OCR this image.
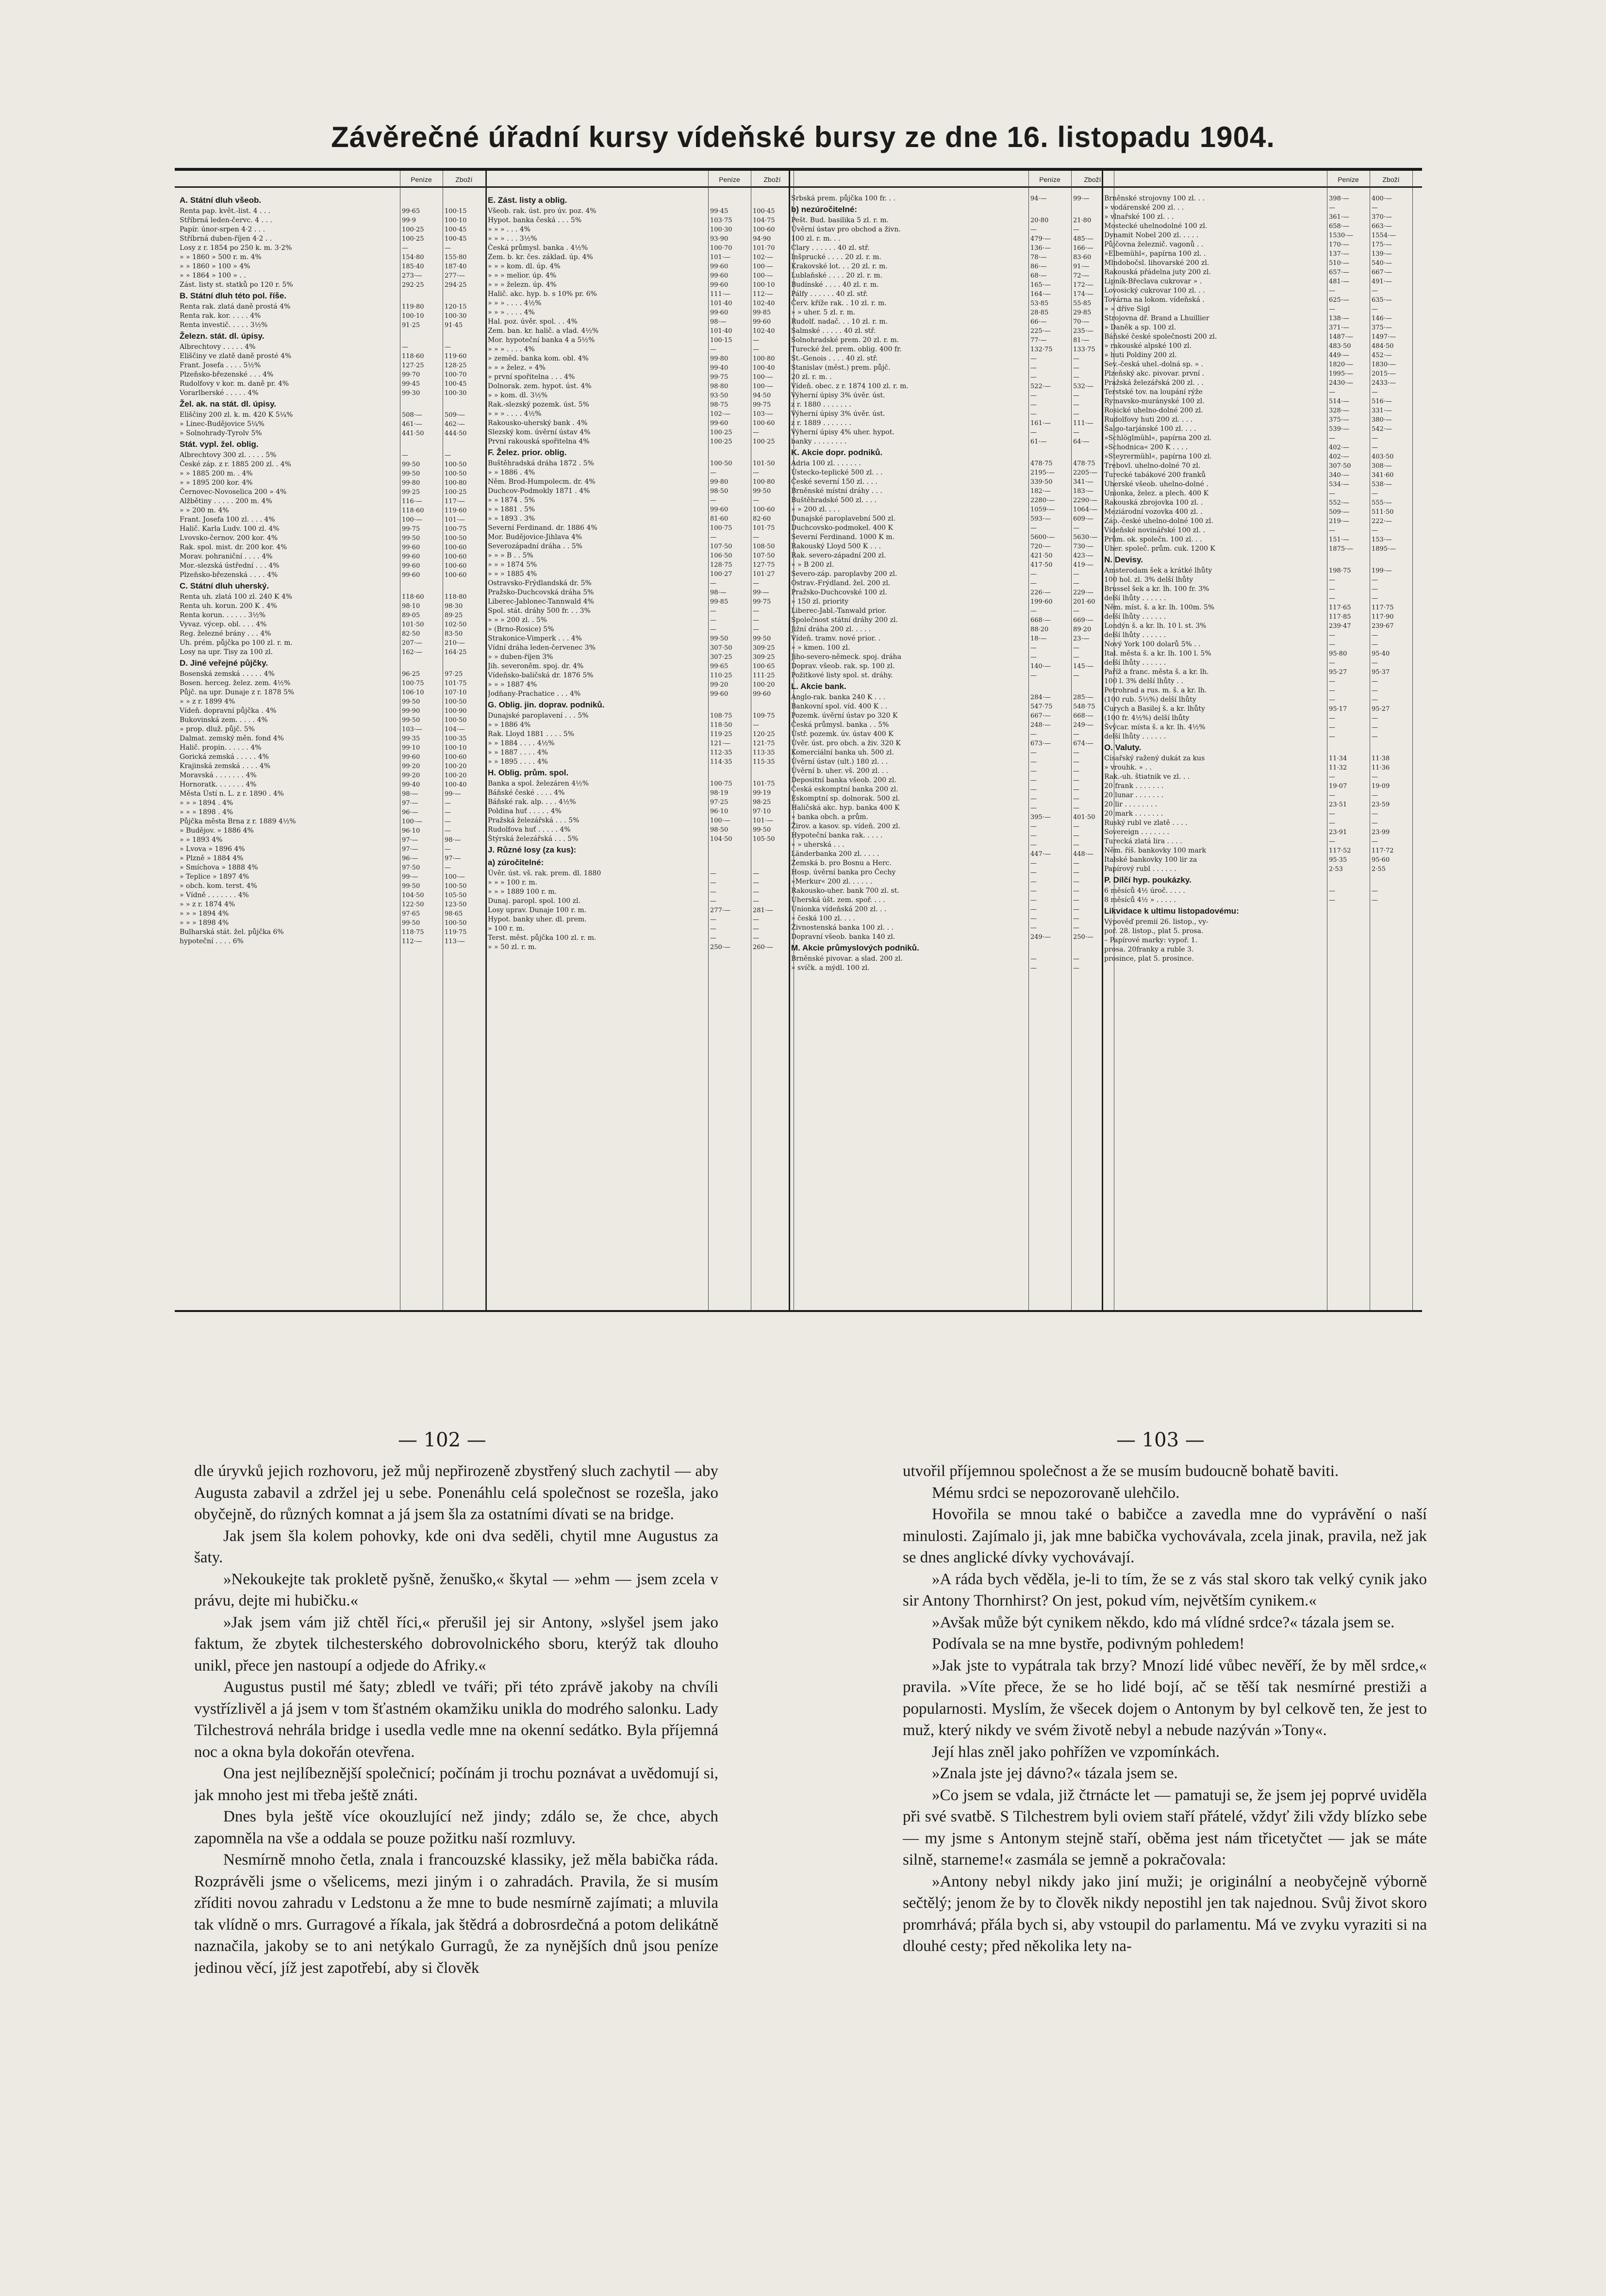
Závěrečné úřadní kursy vídeňské bursy ze dne 16. listopadu 1904.
Peníze	Zboží
A. Státní dluh všeob.
Renta pap. květ.-list. 4 . . .	99·65	100·15
Stříbrná leden-červc. 4 . . .	99·9	100·10
Papír. únor-srpen 4·2 . . .	100·25	100·45
Stříbrná duben-říjen 4·2 . .	100·25	100·45
Losy z r. 1854 po 250 k. m. 3·2%	—	—
» » 1860 » 500 r. m. 4%	154·80	155·80
» » 1860 » 100 » 4%	185·40	187·40
» » 1864 » 100 » . .	273·—	277·—
Zást. listy st. statků po 120 r. 5%	292·25	294·25
B. Státní dluh této pol. říše.
Renta rak. zlatá daně prostá 4%	119·80	120·15
Renta rak. kor. . . . . 4%	100·10	100·30
Renta investič. . . . . 3½%	91·25	91·45
Železn. stát. dl. úpisy.
Albrechtovy . . . . . 4%	—	—
Eliščiny ve zlatě daně prosté 4%	118·60	119·60
Frant. Josefa . . . . 5½%	127·25	128·25
Plzeňsko-březenské . . . 4%	99·70	100·70
Rudolfovy v kor. m. daně pr. 4%	99·45	100·45
Vorarlberské . . . . . 4%	99·30	100·30
Žel. ak. na stát. dl. úpisy.
Eliščiny 200 zl. k. m. 420 K 5¼%	508·—	509·—
» Linec-Budějovice 5¼%	461·—	462·—
» Solnohrady-Tyrolv 5%	441·50	444·50
Stát. vypl. žel. oblig.
Albrechtovy 300 zl. . . . . 5%	—	—
České záp. z r. 1885 200 zl. . 4%	99·50	100·50
» » 1885 200 m. . 4%	99·50	100·50
» » 1895 200 kor. 4%	99·80	100·80
Černovec-Novoselica 200 » 4%	99·25	100·25
Alžbětiny . . . . . 200 m. 4%	116·—	117·—
» » 200 m. 4%	118·60	119·60
Frant. Josefa 100 zl. . . . 4%	100·—	101·—
Halič. Karla Ludv. 100 zl. 4%	99·75	100·75
Lvovsko-černov. 200 kor. 4%	99·50	100·50
Rak. spol. mist. dr. 200 kor. 4%	99·60	100·60
Morav. pohraniční . . . . 4%	99·60	100·60
Mor.-slezská ústřední . . . 4%	99·60	100·60
Plzeňsko-březenská . . . . 4%	99·60	100·60
C. Státní dluh uherský.
Renta uh. zlatá 100 zl. 240 K 4%	118·60	118·80
Renta uh. korun. 200 K . 4%	98·10	98·30
Renta korun. . . . . . 3½%	89·05	89·25
Vyvaz. výcep. obl. . . . 4%	101·50	102·50
Reg. železné brány . . . 4%	82·50	83·50
Uh. prém. půjčka po 100 zl. r. m.	207·—	210·—
Losy na upr. Tisy za 100 zl.	162·—	164·25
D. Jiné veřejné půjčky.
Bosenská zemská . . . . . 4%	96·25	97·25
Bosen. herceg. želez. zem. 4½%	100·75	101·75
Půjč. na upr. Dunaje z r. 1878 5%	106·10	107·10
» » z r. 1899 4%	99·50	100·50
Vídeň. dopravní půjčka . 4%	99·90	100·90
Bukovinská zem. . . . . 4%	99·50	100·50
» prop. dluž. půjč. 5%	103·—	104·—
Dalmat. zemský měn. fond 4%	99·35	100·35
Halič. propin. . . . . . 4%	99·10	100·10
Gorická zemská . . . . . 4%	99·60	100·60
Krajinská zemská . . . . 4%	99·20	100·20
Moravská . . . . . . . 4%	99·20	100·20
Hornoratk. . . . . . . 4%	99·40	100·40
Města Ústí n. L. z r. 1890 . 4%	98·—	99·—
» » » 1894 . 4%	97·—	—
» » » 1898 . 4%	96·—	—
Půjčka města Brna z r. 1889 4½%	100·—	—
» Budějov. » 1886 4%	96·10	—
» » 1893 4%	97·—	98·—
» Lvova » 1896 4%	97·—	—
» Plzně » 1884 4%	96·—	97·—
» Smíchova » 1888 4%	97·50	—
» Teplice » 1897 4%	99·—	100·—
» obch. kom. terst. 4%	99·50	100·50
» Vídně . . . . . . . 4%	104·50	105·50
» » z r. 1874 4%	122·50	123·50
» » » 1894 4%	97·65	98·65
» » » 1898 4%	99·50	100·50
Bulharská stát. žel. půjčka 6%	118·75	119·75
hypoteční . . . . 6%	112·—	113·—
Peníze	Zboží
E. Zást. listy a oblig.
Všeob. rak. úst. pro úv. poz. 4%	99·45	100·45
Hypot. banka česká . . . 5%	103·75	104·75
» » » . . . 4%	100·30	100·60
» » » . . . 3½%	93·90	94·90
Česká průmysl. banka . 4½%	100·70	101·70
Zem. b. kr. čes. základ. úp. 4%	101·—	102·—
» » » kom. dl. úp. 4%	99·60	100·—
» » » melior. úp. 4%	99·60	100·—
» » » železn. úp. 4%	99·60	100·10
Halič. akc. hyp. b. s 10% pr. 6%	111·—	112·—
» » » . . . . 4½%	101·40	102·40
» » » . . . . 4%	99·60	99·85
Hal. poz. úvěr. spol. . . 4%	98·—	99·60
Zem. ban. kr. halič. a vlad. 4½%	101·40	102·40
Mor. hypoteční banka 4 a 5½%	100·15	—
» » » . . . . 4%	—	—
» zeměd. banka kom. obl. 4%	99·80	100·80
» » » želez. » 4%	99·40	100·40
» první spořitelna . . . 4%	99·75	100·—
Dolnorak. zem. hypot. úst. 4%	98·80	100·—
» » kom. dl. 3½%	93·50	94·50
Rak.-slezský pozemk. úst. 5%	98·75	99·75
» » » . . . . 4½%	102·—	103·—
Rakousko-uherský bank . 4%	99·60	100·60
Slezský kom. úvěrní ústav 4%	100·25	—
První rakouská spořitelna 4%	100·25	100·25
F. Želez. prior. oblig.
Buštěhradská dráha 1872 . 5%	100·50	101·50
» » 1886 . 4%	—	—
Něm. Brod-Humpolecm. dr. 4%	99·80	100·80
Duchcov-Podmokly 1871 . 4%	98·50	99·50
» » 1874 . 5%	—	—
» » 1881 . 5%	99·60	100·60
» » 1893 . 3%	81·60	82·60
Severní Ferdinand. dr. 1886 4%	100·75	101·75
Mor. Budějovice-Jihlava 4%	—	—
Severozápadní dráha . . 5%	107·50	108·50
» » » B . . 5%	106·50	107·50
» » » 1874 5%	128·75	127·75
» » » 1885 4%	100·27	101·27
Ostravsko-Frýdlandská dr. 5%	—	—
Pražsko-Duchcovská dráha 5%	98·—	99·—
Liberec-Jablonec-Tannwald 4%	99·85	99·75
Spol. stát. dráhy 500 fr. . . 3%	—	—
» » » 200 zl. . 5%	—	—
» (Brno-Rosice) 5%	—	—
Strakonice-Vimperk . . . 4%	99·50	99·50
Vídní dráha leden-červenec 3%	307·50	309·25
» » duben-říjen 3%	307·25	309·25
Jih. severoněm. spoj. dr. 4%	99·65	100·65
Vídeňsko-baličská dr. 1876 5%	110·25	111·25
» » » 1887 4%	99·20	100·20
Jodňany-Prachatice . . . 4%	99·60	99·60
G. Oblig. jin. doprav. podniků.
Dunajské paroplavení . . . 5%	108·75	109·75
» » 1886 4%	118·50	—
Rak. Lloyd 1881 . . . . 5%	119·25	120·25
» » 1884 . . . . 4½%	121·—	121·75
» » 1887 . . . . 4%	112·35	113·35
» » 1895 . . . . 4%	114·35	115·35
H. Oblig. prům. spol.
Banka a spol. železáren 4½%	100·75	101·75
Báňské české . . . . 4%	98·19	99·19
Báňské rak. alp. . . . 4½%	97·25	98·25
Poldina huť . . . . . 4%	96·10	97·10
Pražská železářská . . . 5%	100·—	101·—
Rudolfova huť . . . . . 4%	98·50	99·50
Štýrská železářská . . . 5%	104·50	105·50
J. Různé losy (za kus):
a) zúročitelné:
Úvěr. úst. vš. rak. prem. dl. 1880	—	—
» » » 100 r. m.	—	—
» » » 1889 100 r. m.	—	—
Dunaj. paropl. spol. 100 zl.	—	—
Losy uprav. Dunaje 100 r. m.	277·—	281·—
Hypot. banky uher. dl. prem.	—	—
» 100 r. m.	—	—
Terst. měst. půjčka 100 zl. r. m.	—	—
» » 50 zl. r. m.	250·—	260·—
Peníze	Zboží
Srbská prem. půjčka 100 fr. . .	94·—	99·—
b) nezúročitelné:
Pešt. Bud. basilika 5 zl. r. m.	20·80	21·80
Úvěrní ústav pro obchod a živn.	—	—
100 zl. r. m. . .	479·—	485·—
Clary . . . . . . 40 zl. stř.	136·—	166·—
Inšprucké . . . . 20 zl. r. m.	78·—	83·60
Krakovské lot. . . 20 zl. r. m.	86·—	91·—
Lublaňské . . . . 20 zl. r. m.	68·—	72·—
Budínské . . . . 40 zl. r. m.	165·—	172·—
Pálfy . . . . . . 40 zl. stř.	164·—	174·—
Červ. kříže rak. . 10 zl. r. m.	53·85	55·85
» » uher. 5 zl. r. m.	28·85	29·85
Rudolf. nadač. . . 10 zl. r. m.	66·—	70·—
Salmské . . . . . 40 zl. stř.	225·—	235·—
Solnohradské prem. 20 zl. r. m.	77·—	81·—
Turecké žel. prem. oblig. 400 fr.	132·75	133·75
St.-Genois . . . . 40 zl. stř.	—	—
Stanislav (měst.) prem. půjč.	—	—
20 zl. r. m. .	—	—
Vídeň. obec. z r. 1874 100 zl. r. m.	522·—	532·—
Výherní úpisy 3% úvěr. úst.	—	—
z r. 1880 . . . . . . .	—	—
Výherní úpisy 3% úvěr. úst.	—	—
z r. 1889 . . . . . . .	161·—	111·—
Výherní úpisy 4% uher. hypot.	—	—
banky . . . . . . . .	61·—	64·—
K. Akcie dopr. podniků.
Adria 100 zl. . . . . . .	478·75	478·75
Ústecko-teplické 500 zl. . .	2195·—	2205·—
České severní 150 zl. . . .	339·50	341·—
Brněnské místní dráhy . . .	182·—	183·—
Buštěhradské 500 zl. . . .	2280·—	2290·—
» » 200 zl. . . .	1059·—	1064·—
Dunajské paroplavební 500 zl.	593·—	609·—
Duchcovsko-podmokel. 400 K	—	—
Severní Ferdinand. 1000 K m.	5600·—	5630·—
Rakouský Lloyd 500 K . . .	720·—	730·—
Rak. severo-západní 200 zl.	421·50	423·—
» » B 200 zl.	417·50	419·—
Severo-záp. paroplavby 200 zl.	—	—
Ostrav.-Frýdland. žel. 200 zl.	—	—
Pražsko-Duchcovské 100 zl.	226·—	229·—
» 150 zl. priority	199·60	201·60
Liberec-Jabl.-Tanwald prior.	—	—
Společnost státní dráhy 200 zl.	668·—	669·—
Jižní dráha 200 zl. . . . .	88·20	89·20
Vídeň. tramv. nové prior. .	18·—	23·—
» » kmen. 100 zl.	—	—
Jiho-severo-německ. spoj. dráha	—	—
Doprav. všeob. rak. sp. 100 zl.	140·—	145·—
Požitkové listy spol. st. dráhy.	—	—
L. Akcie bank.
Anglo-rak. banka 240 K . . .	284·—	285·—
Bankovní spol. víd. 400 K . .	547·75	548·75
Pozemk. úvěrní ústav po 320 K	667·—	668·—
Česká průmysl. banka . . 5%	248·—	249·—
Ústř. pozemk. úv. ústav 400 K	—	—
Úvěr. úst. pro obch. a živ. 320 K	673·—	674·—
Komerciální banka uh. 500 zl.	—	—
Úvěrní ústav (ult.) 180 zl. . .	—	—
Úvěrní b. uher. vš. 200 zl. . .	—	—
Depositní banka všeob. 200 zl.	—	—
Česká eskomptní banka 200 zl.	—	—
Eskomptní sp. dolnorak. 500 zl.	—	—
Haličská akc. hyp. banka 400 K	—	—
» banka obch. a prům.	395·—	401·50
Žirov. a kasov. sp. vídeň. 200 zl.	—	—
Hypoteční banka rak. . . . .	—	—
» » uherská . . .	—	—
Länderbanka 200 zl. . . . .	447·—	448·—
Zemská b. pro Bosnu a Herc.	—	—
Hosp. úvěrní banka pro Čechy	—	—
»Merkur« 200 zl. . . . . .	—	—
Rakousko-uher. bank 700 zl. st.	—	—
Uherská úšt. zem. spoř. . . .	—	—
Unionka vídeňská 200 zl. . .	—	—
» česká 100 zl. . . .	—	—
Živnostenská banka 100 zl. . .	—	—
Dopravní všeob. banka 140 zl.	249·—	250·—
M. Akcie průmyslových podniků.
Brněnské pivovar. a slad. 200 zl.	—	—
» svíčk. a mýdl. 100 zl.	—	—
Peníze	Zboží
Brněnské strojovny 100 zl. . .	398·—	400·—
» vodárenské 200 zl. . .	—	—
» vlnařské 100 zl. . .	361·—	370·—
Mostecké uhelnodolné 100 zl.	658·—	663·—
Dynamit Nobel 200 zl. . . . .	1530·—	1554·—
Půjčovna železnič. vagonů . .	170·—	175·—
»Elbemühl«, papírna 100 zl. .	137·—	139·—
Mlndobočsl. lihovarské 200 zl.	510·—	540·—
Rakouská přádelna juty 200 zl.	657·—	667·—
Lipník-Břeclava cukrovar » .	481·—	491·—
Lovosický cukrovar 100 zl. . .	—	—
Továrna na lokom. vídeňská .	625·—	635·—
» » dříve Sigl	—	—
Strojovna dř. Brand a Lhuillier	138·—	146·—
» Daněk a sp. 100 zl.	371·—	375·—
Báňské české společnosti 200 zl.	1487·—	1497·—
» rakouské alpské 100 zl.	483·50	484·50
» huti Poldiny 200 zl.	449·—	452·—
Sev.-česká uhel.-dolná sp. » .	1820·—	1830·—
Plzeňský akc. pivovar. první .	1995·—	2015·—
Pražská železářská 200 zl. . .	2430·—	2433·—
Terstské tov. na loupání rýže	—	—
Rymavsko-murányské 100 zl.	514·—	516·—
Rosické uhelno-dolné 200 zl.	328·—	331·—
Rudolfovy huti 200 zl. . . .	375·—	380·—
Šalgo-tarjánské 100 zl. . . .	539·—	542·—
»Schlöglmühl«, papírna 200 zl.	—	—
»Schodnica« 200 K . . . .	402·—	—
»Steyrermühl«, papírna 100 zl.	402·—	403·50
Trebovl. uhelno-dolné 70 zl.	307·50	308·—
Turecké tabákové 200 franků	340·—	341·60
Uherské všeob. uhelno-dolné .	534·—	538·—
Unionka, želez. a plech. 400 K	—	—
Rakouská zbrojovka 100 zl. .	552·—	555·—
Meziárodní vozovka 400 zl. .	509·—	511·50
Záp.-české uhelno-dolné 100 zl.	219·—	222·—
Vídeňské novinářské 100 zl. .	—	—
Prům. ok. společn. 100 zl. . .	151·—	153·—
Uher. společ. prům. cuk. 1200 K	1875·—	1895·—
N. Devisy.
Amsterodam šek a krátké lhůty	198·75	199·—
100 hol. zl. 3% delší lhůty	—	—
Brussel šek a kr. lh. 100 fr. 3%	—	—
delší lhůty . . . . . .	—	—
Něm. míst. š. a kr. lh. 100m. 5%	117·65	117·75
delší lhůty . . . . . .	117·85	117·90
Londýn š. a kr. lh. 10 l. st. 3%	239·47	239·67
delší lhůty . . . . . .	—	—
Nový York 100 dolarů 5% . .	—	—
Ital. města š. a kr. lh. 100 l. 5%	95·80	95·40
delší lhůty . . . . . .	—	—
Paříž a franc. města š. a kr. lh.	95·27	95·37
100 l. 3% delší lhůty . .	—	—
Petrohrad a rus. m. š. a kr. lh.	—	—
(100 rub. 5½%) delší lhůty	—	—
Curych a Basilej š. a kr. lhůty	95·17	95·27
(100 fr. 4½%) delší lhůty	—	—
Švýcar. místa š. a kr. lh. 4½%	—	—
delší lhůty . . . . . .	—	—
O. Valuty.
Císařský ražený dukát za kus	11·34	11·38
» vrouhk. » . .	11·32	11·36
Rak.-uh. štiatnik ve zl. . .	—	—
20 frank . . . . . . .	19·07	19·09
20 lunar . . . . . . .	—	—
20 lir . . . . . . . .	23·51	23·59
20 mark . . . . . . .	—	—
Ruský rubl ve zlatě . . . .	—	—
Sovereign . . . . . . .	23·91	23·99
Turecká zlatá lira . . . .	—	—
Něm. říš. bankovky 100 mark	117·52	117·72
Italské bankovky 100 lir za	95·35	95·60
Papírový rubl . . . . . .	2·53	2·55
P. Dílčí hyp. poukázky.
6 měsíců 4½ úroč. . . . .	—	—
8 měsíců 4½ » . . . . .	—	—
Likvidace k ultimu listopadovému:
Výpověď premií 26. listop., vy-
poř. 28. listop., plat 5. prosa.
– Papírové marky: vypoř. 1.
prosa. 20franky a ruble 3.
prosince, plat 5. prosince.
— 102 —	— 103 —

dle úryvků jejich rozhovoru, jež můj nepřirozeně zbystřený sluch zachytil — aby Augusta zabavil a zdržel jej u sebe. Ponenáhlu celá společnost se rozešla, jako obyčejně, do různých komnat a já jsem šla za ostatními dívati se na bridge.

Jak jsem šla kolem pohovky, kde oni dva seděli, chytil mne Augustus za šaty.

»Nekoukejte tak prokletě pyšně, ženuško,« škytal — »ehm — jsem zcela v právu, dejte mi hubičku.«

»Jak jsem vám již chtěl říci,« přerušil jej sir Antony, »slyšel jsem jako faktum, že zbytek tilchesterského dobrovolnického sboru, kterýž tak dlouho unikl, přece jen nastoupí a odjede do Afriky.«

Augustus pustil mé šaty; zbledl ve tváři; při této zprávě jakoby na chvíli vystřízlivěl a já jsem v tom šťastném okamžiku unikla do modrého salonku. Lady Tilchestrová nehrála bridge i usedla vedle mne na okenní sedátko. Byla příjemná noc a okna byla dokořán otevřena.

Ona jest nejlíbeznější společnicí; počínám ji trochu poznávat a uvědomují si, jak mnoho jest mi třeba ještě znáti.

Dnes byla ještě více okouzlující než jindy; zdálo se, že chce, abych zapomněla na vše a oddala se pouze požitku naší rozmluvy.

Nesmírně mnoho četla, znala i francouzské klassiky, jež měla babička ráda. Rozprávěli jsme o všelicems, mezi jiným i o zahradách. Pravila, že si musím zříditi novou zahradu v Ledstonu a že mne to bude nesmírně zajímati; a mluvila tak vlídně o mrs. Gurragové a říkala, jak štědrá a dobrosrdečná a potom delikátně naznačila, jakoby se to ani netýkalo Gurragů, že za nynějších dnů jsou peníze jedinou věcí, jíž jest zapotřebí, aby si člověk

utvořil příjemnou společnost a že se musím budoucně bohatě baviti.

Mému srdci se nepozorovaně ulehčilo.

Hovořila se mnou také o babičce a zavedla mne do vyprávění o naší minulosti. Zajímalo ji, jak mne babička vychovávala, zcela jinak, pravila, než jak se dnes anglické dívky vychovávají.

»A ráda bych věděla, je-li to tím, že se z vás stal skoro tak velký cynik jako sir Antony Thornhirst? On jest, pokud vím, největším cynikem.«

»Avšak může být cynikem někdo, kdo má vlídné srdce?« tázala jsem se.

Podívala se na mne bystře, podivným pohledem!

»Jak jste to vypátrala tak brzy? Mnozí lidé vůbec nevěří, že by měl srdce,« pravila. »Víte přece, že se ho lidé bojí, ač se těší tak nesmírné prestiži a popularnosti. Myslím, že všecek dojem o Antonym by byl celkově ten, že jest to muž, který nikdy ve svém životě nebyl a nebude nazýván »Tony«.

Její hlas zněl jako pohřížen ve vzpomínkách.

»Znala jste jej dávno?« tázala jsem se.

»Co jsem se vdala, již čtrnácte let — pamatuji se, že jsem jej poprvé uviděla při své svatbě. S Tilchestrem byli oviem staří přátelé, vždyť žili vždy blízko sebe — my jsme s Antonym stejně staří, oběma jest nám třicetyčtet — jak se máte silně, starneme!« zasmála se jemně a pokračovala:

»Antony nebyl nikdy jako jiní muži; je originální a neobyčejně výborně sečtělý; jenom že by to člověk nikdy nepostihl jen tak najednou. Svůj život skoro promrhává; přála bych si, aby vstoupil do parlamentu. Má ve zvyku vyraziti si na dlouhé cesty; před několika lety na-
